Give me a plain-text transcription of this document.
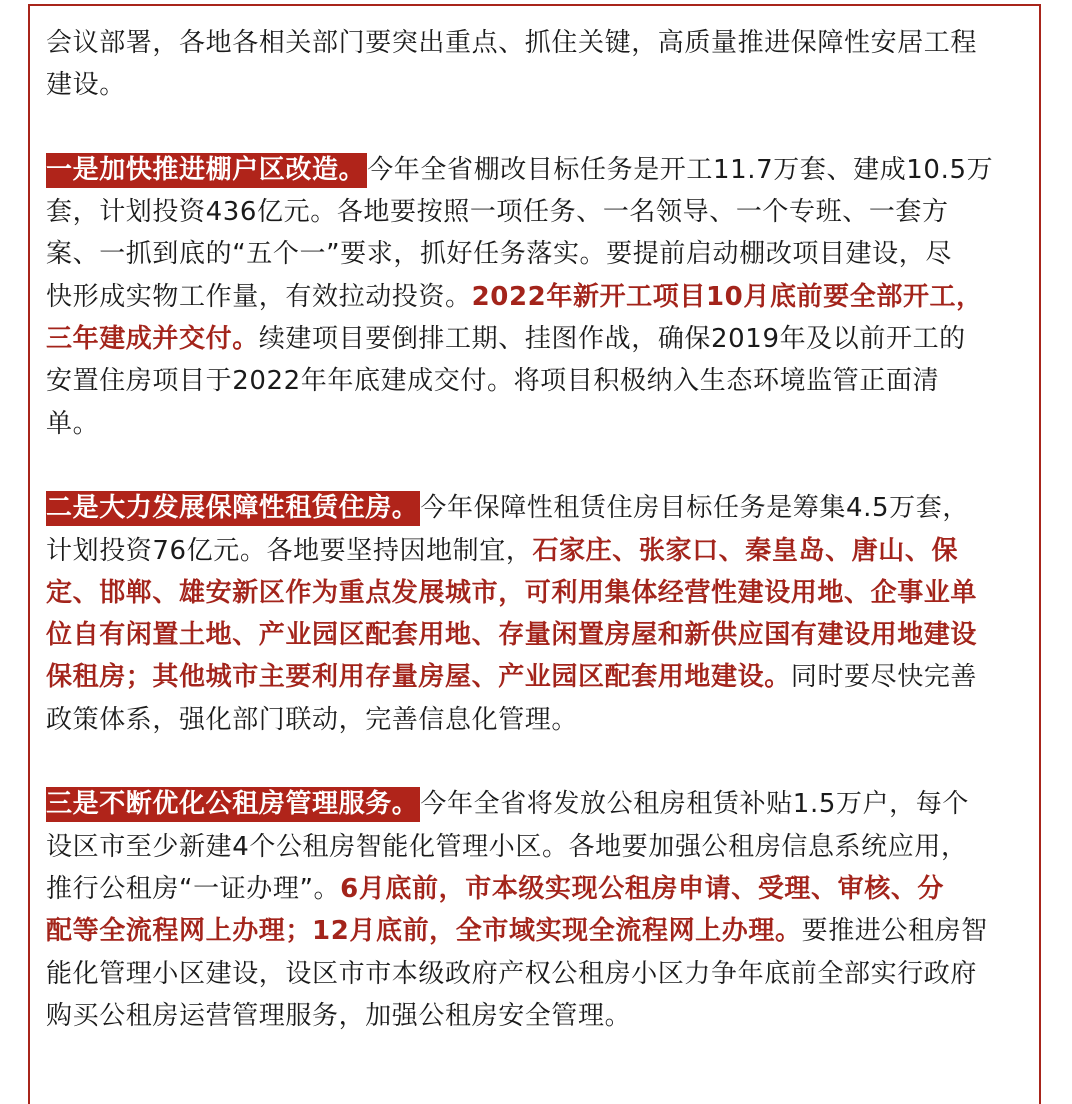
会议部署，各地各相关部门要突出重点、抓住关键，高质量推进保障性安居工程
建设。
一是加快推进棚户区改造。今年全省棚改目标任务是开工11.7万套、建成10.5万
套，计划投资436亿元。各地要按照一项任务、一名领导、一个专班、一套方
案、一抓到底的“五个一”要求，抓好任务落实。要提前启动棚改项目建设，尽
快形成实物工作量，有效拉动投资。2022年新开工项目10月底前要全部开工，
三年建成并交付。续建项目要倒排工期、挂图作战，确保2019年及以前开工的
安置住房项目于2022年年底建成交付。将项目积极纳入生态环境监管正面清
单。
二是大力发展保障性租赁住房。今年保障性租赁住房目标任务是筹集4.5万套，
计划投资76亿元。各地要坚持因地制宜，石家庄、张家口、秦皇岛、唐山、保
定、邯郸、雄安新区作为重点发展城市，可利用集体经营性建设用地、企事业单
位自有闲置土地、产业园区配套用地、存量闲置房屋和新供应国有建设用地建设
保租房；其他城市主要利用存量房屋、产业园区配套用地建设。同时要尽快完善
政策体系，强化部门联动，完善信息化管理。
三是不断优化公租房管理服务。今年全省将发放公租房租赁补贴1.5万户，每个
设区市至少新建4个公租房智能化管理小区。各地要加强公租房信息系统应用，
推行公租房“一证办理”。6月底前，市本级实现公租房申请、受理、审核、分
配等全流程网上办理；12月底前，全市域实现全流程网上办理。要推进公租房智
能化管理小区建设，设区市市本级政府产权公租房小区力争年底前全部实行政府
购买公租房运营管理服务，加强公租房安全管理。
